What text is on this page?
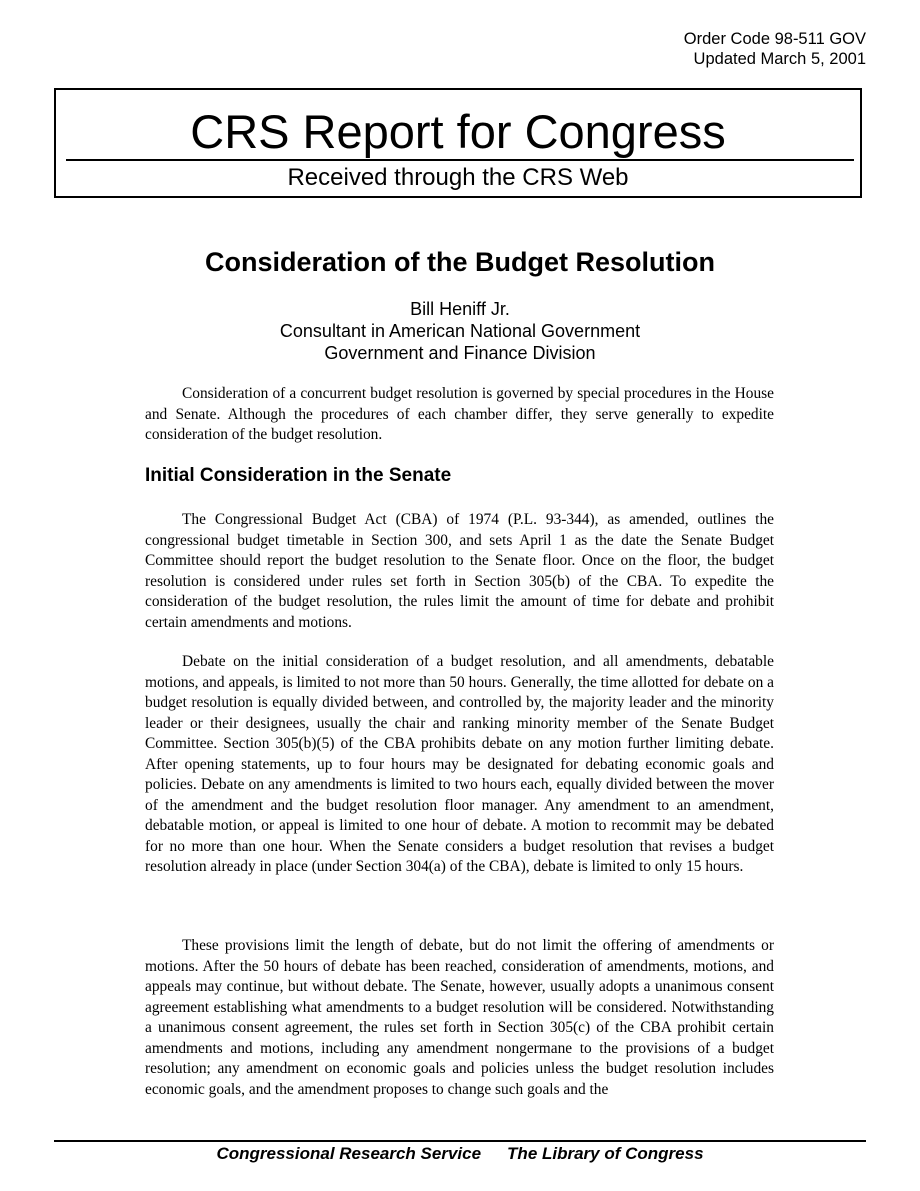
Order Code 98-511 GOV
Updated March 5, 2001
CRS Report for Congress
Received through the CRS Web
Consideration of the Budget Resolution
Bill Heniff Jr.
Consultant in American National Government
Government and Finance Division

Consideration of a concurrent budget resolution is governed by special procedures in the House and Senate. Although the procedures of each chamber differ, they serve generally to expedite consideration of the budget resolution.

Initial Consideration in the Senate

The Congressional Budget Act (CBA) of 1974 (P.L. 93-344), as amended, outlines the congressional budget timetable in Section 300, and sets April 1 as the date the Senate Budget Committee should report the budget resolution to the Senate floor. Once on the floor, the budget resolution is considered under rules set forth in Section 305(b) of the CBA. To expedite the consideration of the budget resolution, the rules limit the amount of time for debate and prohibit certain amendments and motions.

Debate on the initial consideration of a budget resolution, and all amendments, debatable motions, and appeals, is limited to not more than 50 hours. Generally, the time allotted for debate on a budget resolution is equally divided between, and controlled by, the majority leader and the minority leader or their designees, usually the chair and ranking minority member of the Senate Budget Committee. Section 305(b)(5) of the CBA prohibits debate on any motion further limiting debate. After opening statements, up to four hours may be designated for debating economic goals and policies. Debate on any amendments is limited to two hours each, equally divided between the mover of the amendment and the budget resolution floor manager. Any amendment to an amendment, debatable motion, or appeal is limited to one hour of debate. A motion to recommit may be debated for no more than one hour. When the Senate considers a budget resolution that revises a budget resolution already in place (under Section 304(a) of the CBA), debate is limited to only 15 hours.

These provisions limit the length of debate, but do not limit the offering of amendments or motions. After the 50 hours of debate has been reached, consideration of amendments, motions, and appeals may continue, but without debate. The Senate, however, usually adopts a unanimous consent agreement establishing what amendments to a budget resolution will be considered. Notwithstanding a unanimous consent agreement, the rules set forth in Section 305(c) of the CBA prohibit certain amendments and motions, including any amendment nongermane to the provisions of a budget resolution; any amendment on economic goals and policies unless the budget resolution includes economic goals, and the amendment proposes to change such goals and the

Congressional Research Service The Library of Congress
